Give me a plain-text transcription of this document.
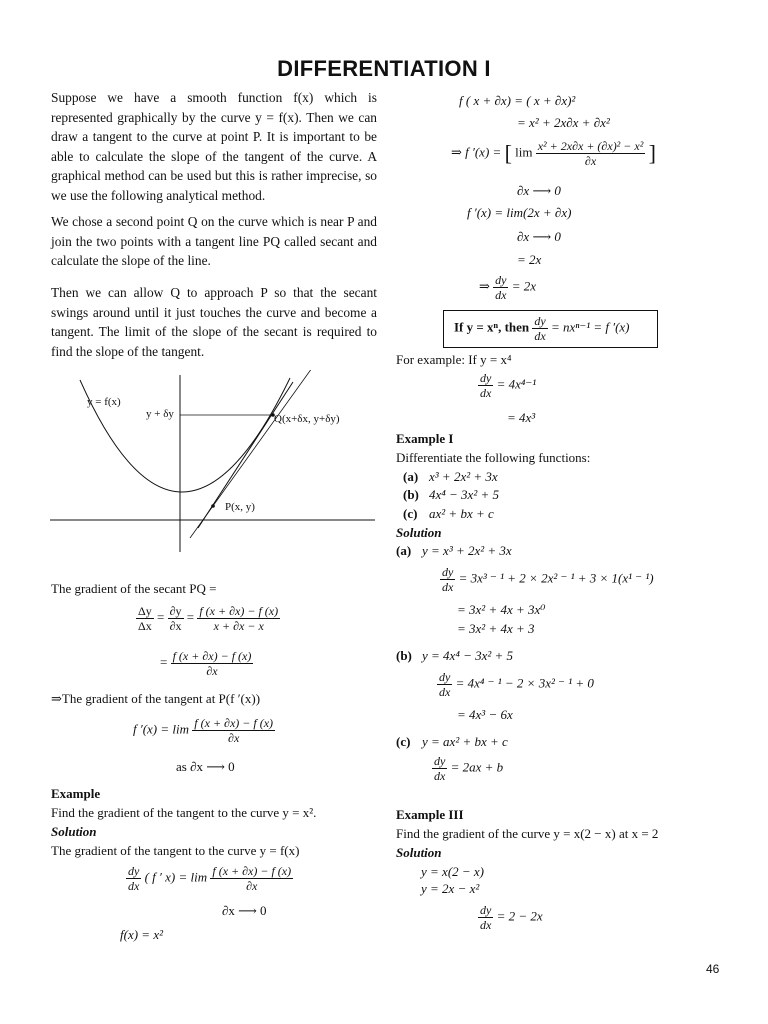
DIFFERENTIATION I
Suppose we have a smooth function f(x) which is represented graphically by the curve y = f(x). Then we can draw a tangent to the curve at point P. It is important to be able to calculate the slope of the tangent of the curve. A graphical method can be used but this is rather imprecise, so we use the following analytical method.
We chose a second point Q on the curve which is near P and join the two points with a tangent line PQ called secant and calculate the slope of the line.
Then we can allow Q to approach P so that the secant swings around until it just touches the curve and become a tangent. The limit of the slope of the secant is required to find the slope of the tangent.
y = f(x)
y + δy	Q(x+δx, y+δy)
P(x, y)
The gradient of the secant PQ =
$\frac{\Delta y}{\Delta x} = \frac{\partial y}{\partial x} = \frac{f (x + \partial x) - f (x)}{x + \partial x - x}$
= $\frac{f (x + \partial x) - f (x)}{\partial x}$
⇒The gradient of the tangent at P(f ′(x))
f $'(x) = \lim \frac{f (x + \partial x) - f (x)}{\partial x}$
as ∂x ⟶ 0
Example
Find the gradient of the tangent to the curve y = x².
Solution
The gradient of the tangent to the curve y = f(x)
$\frac{dy}{dx}$ ( f ′ $x) = \lim \frac{f (x + \partial x) - f (x)}{\partial x}$
∂x ⟶ 0
f(x) = x²
f ( x + ∂x) = ( x + ∂x)²
= x² + 2x∂x + ∂x²
⇒ f ′(x) = [ $\lim \frac{\text{x² + 2x∂x + (∂x)² − x²}}{\partial x}$ ]
∂x ⟶ 0
f ′(x) = lim(2x + ∂x)
∂x ⟶ 0
= 2x
⇒ $\frac{dy}{dx} = 2x$
If y = xⁿ, then $\frac{dy}{dx} = nx^{n-1} = f$ ′(x)
For example: If y = x⁴
$\frac{dy}{dx} = 4x^{4-1}$
= 4x³
Example I
Differentiate the following functions:
(a) x³ + 2x² + 3x
(b) 4x⁴ − 3x² + 5
(c) ax² + bx + c
Solution
(a) y = x³ + 2x² + 3x
$\frac{dy}{dx} = 3x^3$ ⁻ ¹ + 2 × 2x² ⁻ ¹ + 3 × 1(x¹ ⁻ ¹)
= 3x² + 4x + 3x⁰
= 3x² + 4x + 3
(b) y = 4x⁴ − 3x² + 5
$\frac{dy}{dx} = 4x^4$ ⁻ ¹ − 2 × 3x² ⁻ ¹ + 0
= 4x³ − 6x
(c) y = ax² + bx + c
$\frac{dy}{dx} = 2ax + b$
Example III
Find the gradient of the curve y = x(2 − x) at x = 2
Solution
y = x(2 − x)
y = 2x − x²
$\frac{dy}{dx} = 2 - 2x$
46
